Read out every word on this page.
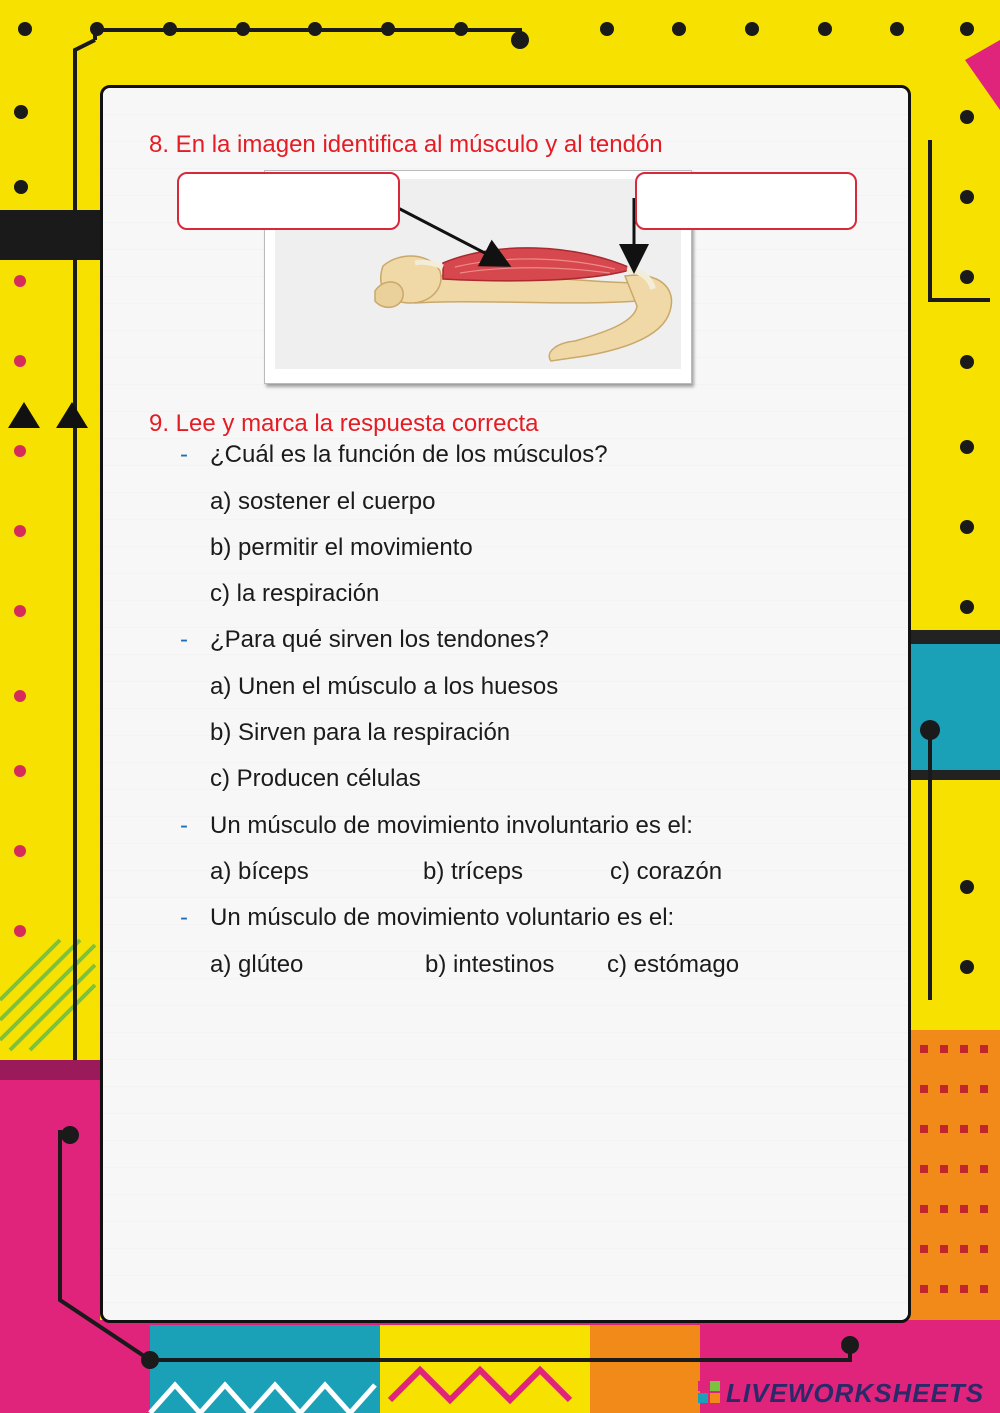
8. En la imagen identifica al músculo y al tendón
9. Lee y marca la respuesta correcta
- ¿Cuál es la función de los músculos?
a) sostener el cuerpo
b) permitir el movimiento
c) la respiración
- ¿Para qué sirven los tendones?
a) Unen el músculo a los huesos
b) Sirven para la respiración
c) Producen células
- Un músculo de movimiento involuntario es el:
a) bíceps	b) tríceps	c) corazón
- Un músculo de movimiento voluntario es el:
a) glúteo	b) intestinos c) estómago
LIVEWORKSHEETS
